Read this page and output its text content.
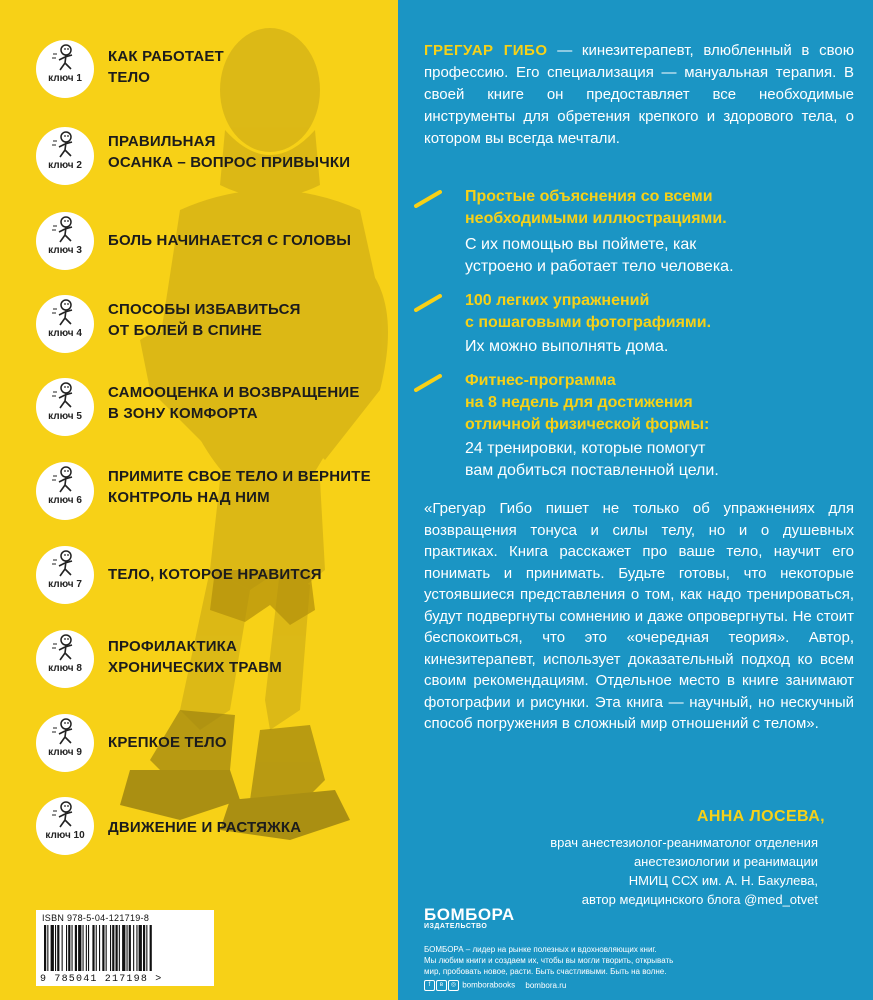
ключ 1
КАК РАБОТАЕТ
ТЕЛО
ключ 2
ПРАВИЛЬНАЯ
ОСАНКА – ВОПРОС ПРИВЫЧКИ
ключ 3
БОЛЬ НАЧИНАЕТСЯ С ГОЛОВЫ
ключ 4
СПОСОБЫ ИЗБАВИТЬСЯ
ОТ БОЛЕЙ В СПИНЕ
ключ 5
САМООЦЕНКА И ВОЗВРАЩЕНИЕ
В ЗОНУ КОМФОРТА
ключ 6
ПРИМИТЕ СВОЕ ТЕЛО И ВЕРНИТЕ
КОНТРОЛЬ НАД НИМ
ключ 7
ТЕЛО, КОТОРОЕ НРАВИТСЯ
ключ 8
ПРОФИЛАКТИКА
ХРОНИЧЕСКИХ ТРАВМ
ключ 9
КРЕПКОЕ ТЕЛО
ключ 10	ДВИЖЕНИЕ И РАСТЯЖКА
ISBN 978-5-04-121719-8
9 785041 217198 >
ГРЕГУАР ГИБО — кинезитерапевт, влюбленный в свою профессию. Его специализация — мануальная терапия. В своей книге он предоставляет все необходимые инструменты для обретения крепкого и здорового тела, о котором вы всегда мечтали.
Простые объяснения со всеми
необходимыми иллюстрациями.
С их помощью вы поймете, как
устроено и работает тело человека.
100 легких упражнений
с пошаговыми фотографиями.
Их можно выполнять дома.
Фитнес-программа
на 8 недель для достижения
отличной физической формы:
24 тренировки, которые помогут
вам добиться поставленной цели.
«Грегуар Гибо пишет не только об упражнениях для возвращения тонуса и силы телу, но и о душевных практиках. Книга расскажет про ваше тело, научит его понимать и принимать. Будьте готовы, что некоторые устоявшиеся представления о том, как надо тренироваться, будут подвергнуты сомнению и даже опровергнуты. Не стоит беспокоиться, что это «очередная теория». Автор, кинезитерапевт, использует доказательный подход ко всем своим рекомендациям. Отдельное место в книге занимают фотографии и рисунки. Эта книга — научный, но нескучный способ погружения в сложный мир отношений с телом».
АННА ЛОСЕВА,
врач анестезиолог-реаниматолог отделения
анестезиологии и реанимации
НМИЦ ССХ им. А. Н. Бакулева,
автор медицинского блога @med_otvet
БОМБОРА
ИЗДАТЕЛЬСТВО
БОМБОРА – лидер на рынке полезных и вдохновляющих книг.
Мы любим книги и создаем их, чтобы вы могли творить, открывать
мир, пробовать новое, расти. Быть счастливыми. Быть на волне.
f в ◎ bomborabooks bombora.ru
